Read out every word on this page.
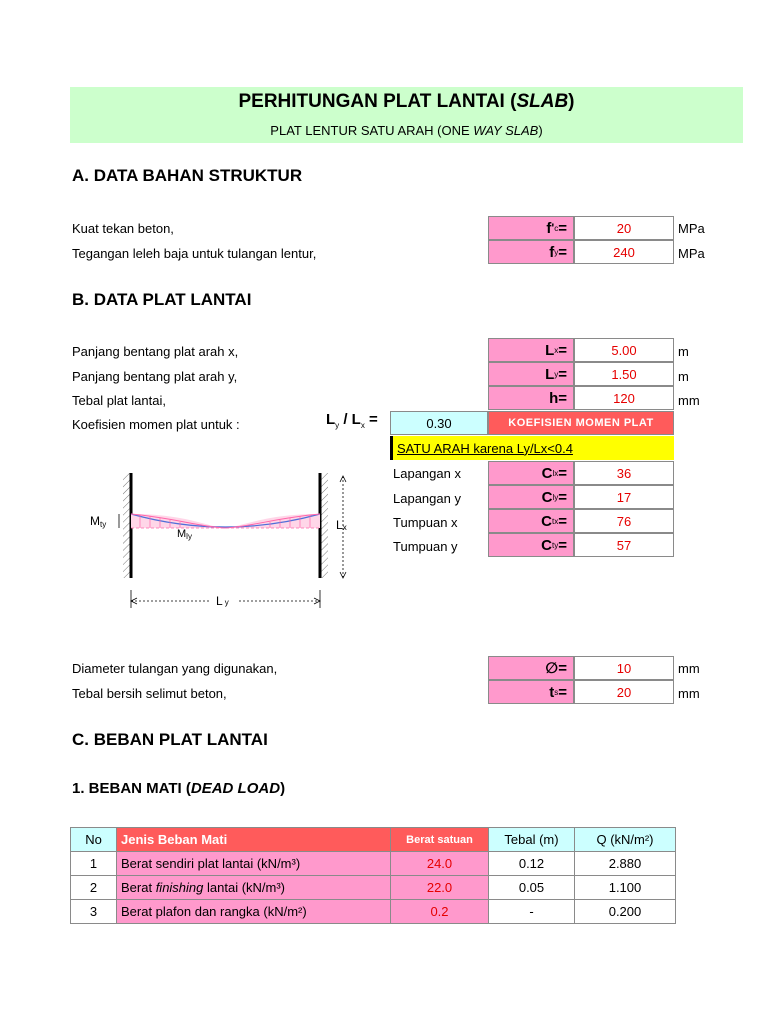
PERHITUNGAN PLAT LANTAI (SLAB)
PLAT LENTUR SATU ARAH (ONE WAY SLAB)
A. DATA BAHAN STRUKTUR
Kuat tekan beton,	f ' c =	20	MPa
Tegangan leleh baja untuk tulangan lentur,	f y =	240	MPa
B. DATA PLAT LANTAI
Panjang bentang plat arah x,	L x =	5.00	m
Panjang bentang plat arah y,	L y =	1.50	m
Tebal plat lantai,	h =	120	mm
Koefisien momen plat untuk :	$L_y / L_x$ =	0.30	KOEFISIEN MOMEN PLAT
SATU ARAH karena Ly/Lx<0.4
Lapangan x	C lx =	36
Lapangan y	C ly =	17
Tumpuan x	C tx =	76
Tumpuan y	C ty =	57
Mty
Mly
Lx
Ly
Diameter tulangan yang digunakan,	∅ =	10	mm
Tebal bersih selimut beton,	t s =	20	mm
C. BEBAN PLAT LANTAI
1. BEBAN MATI (DEAD LOAD)
No	Jenis Beban Mati	Berat satuan	Tebal (m)	Q (kN/m²)
1	Berat sendiri plat lantai (kN/m³)	24.0	0.12	2.880
2	Berat finishing lantai (kN/m³)	22.0	0.05	1.100
3	Berat plafon dan rangka (kN/m²)	0.2	-	0.200
